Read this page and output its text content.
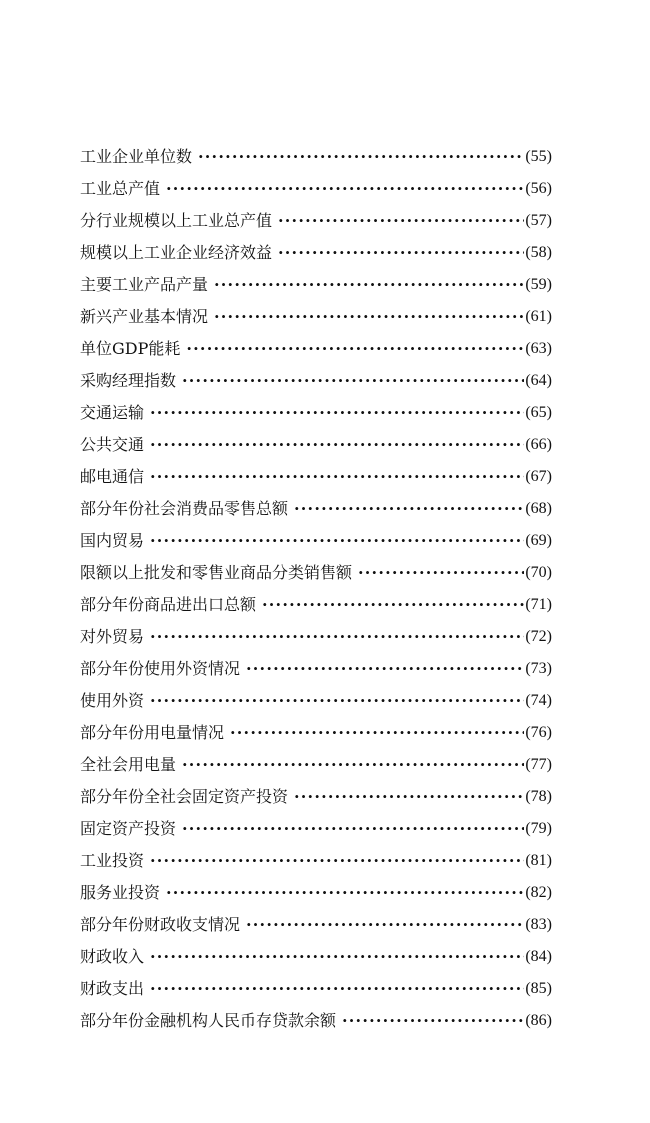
工业企业单位数 ·····	(55)
工业总产值 ·····	(56)
分行业规模以上工业总产值 ·····	(57)
规模以上工业企业经济效益 ·····	(58)
主要工业产品产量 ·····	(59)
新兴产业基本情况 ·····	(61)
单位GDP能耗 ·····	(63)
采购经理指数 ·····	(64)
交通运输 ·····	(65)
公共交通 ·····	(66)
邮电通信 ·····	(67)
部分年份社会消费品零售总额 ·····	(68)
国内贸易 ·····	(69)
限额以上批发和零售业商品分类销售额 ·····	(70)
部分年份商品进出口总额 ·····	(71)
对外贸易 ·····	(72)
部分年份使用外资情况 ·····	(73)
使用外资 ·····	(74)
部分年份用电量情况 ·····	(76)
全社会用电量 ·····	(77)
部分年份全社会固定资产投资 ·····	(78)
固定资产投资 ·····	(79)
工业投资 ·····	(81)
服务业投资 ·····	(82)
部分年份财政收支情况 ·····	(83)
财政收入 ·····	(84)
财政支出 ·····	(85)
部分年份金融机构人民币存贷款余额 ·····	(86)
